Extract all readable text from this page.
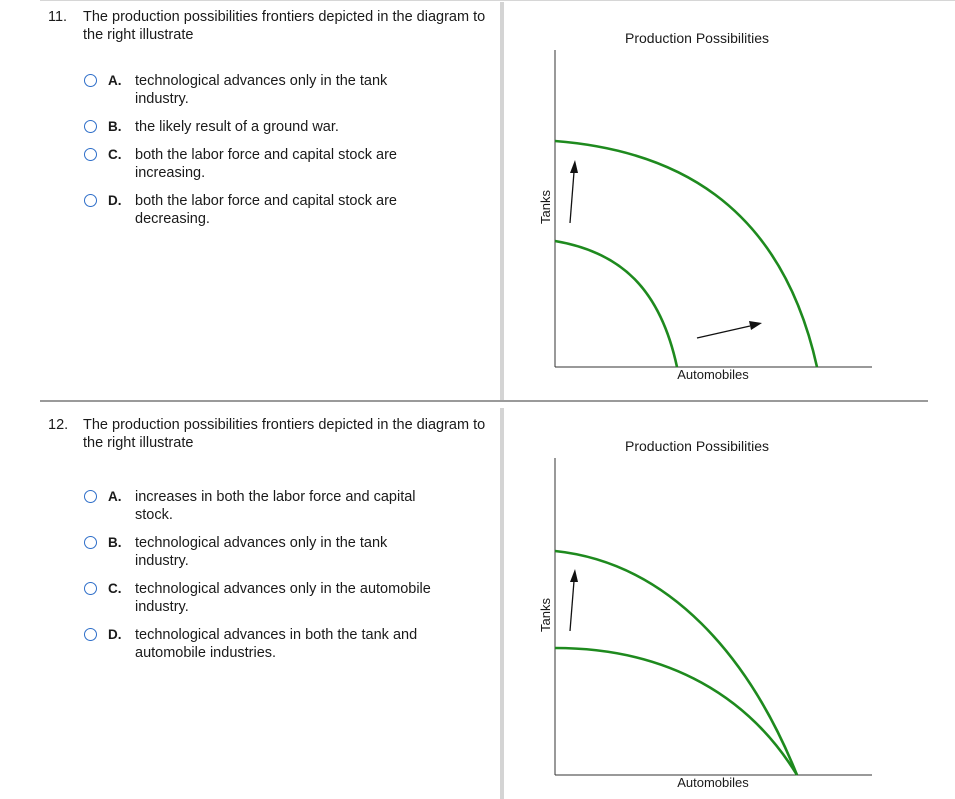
11. The production possibilities frontiers depicted in the diagram to the right illustrate
A. technological advances only in the tank industry.
B. the likely result of a ground war.
C. both the labor force and capital stock are increasing.
D. both the labor force and capital stock are decreasing.
Production Possibilities
Automobiles
Tanks
12. The production possibilities frontiers depicted in the diagram to the right illustrate
A. increases in both the labor force and capital stock.
B. technological advances only in the tank industry.
C. technological advances only in the automobile industry.
D. technological advances in both the tank and automobile industries.
Production Possibilities
Automobiles
Tanks
